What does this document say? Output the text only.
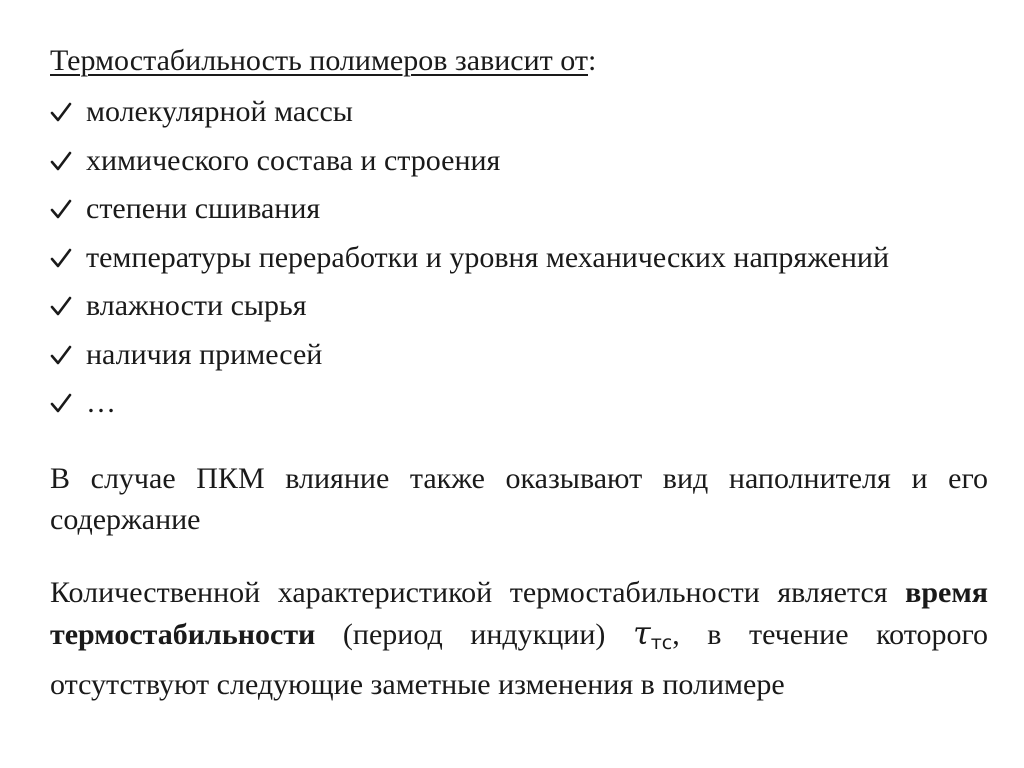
Термостабильность полимеров зависит от:
молекулярной массы
химического состава и строения
степени сшивания
температуры переработки и уровня механических напряжений
влажности сырья
наличия примесей
…

В случае ПКМ влияние также оказывают вид наполнителя и его содержание

Количественной характеристикой термостабильности является время термостабильности (период индукции) τтс, в течение которого отсутствуют следующие заметные изменения в полимере
